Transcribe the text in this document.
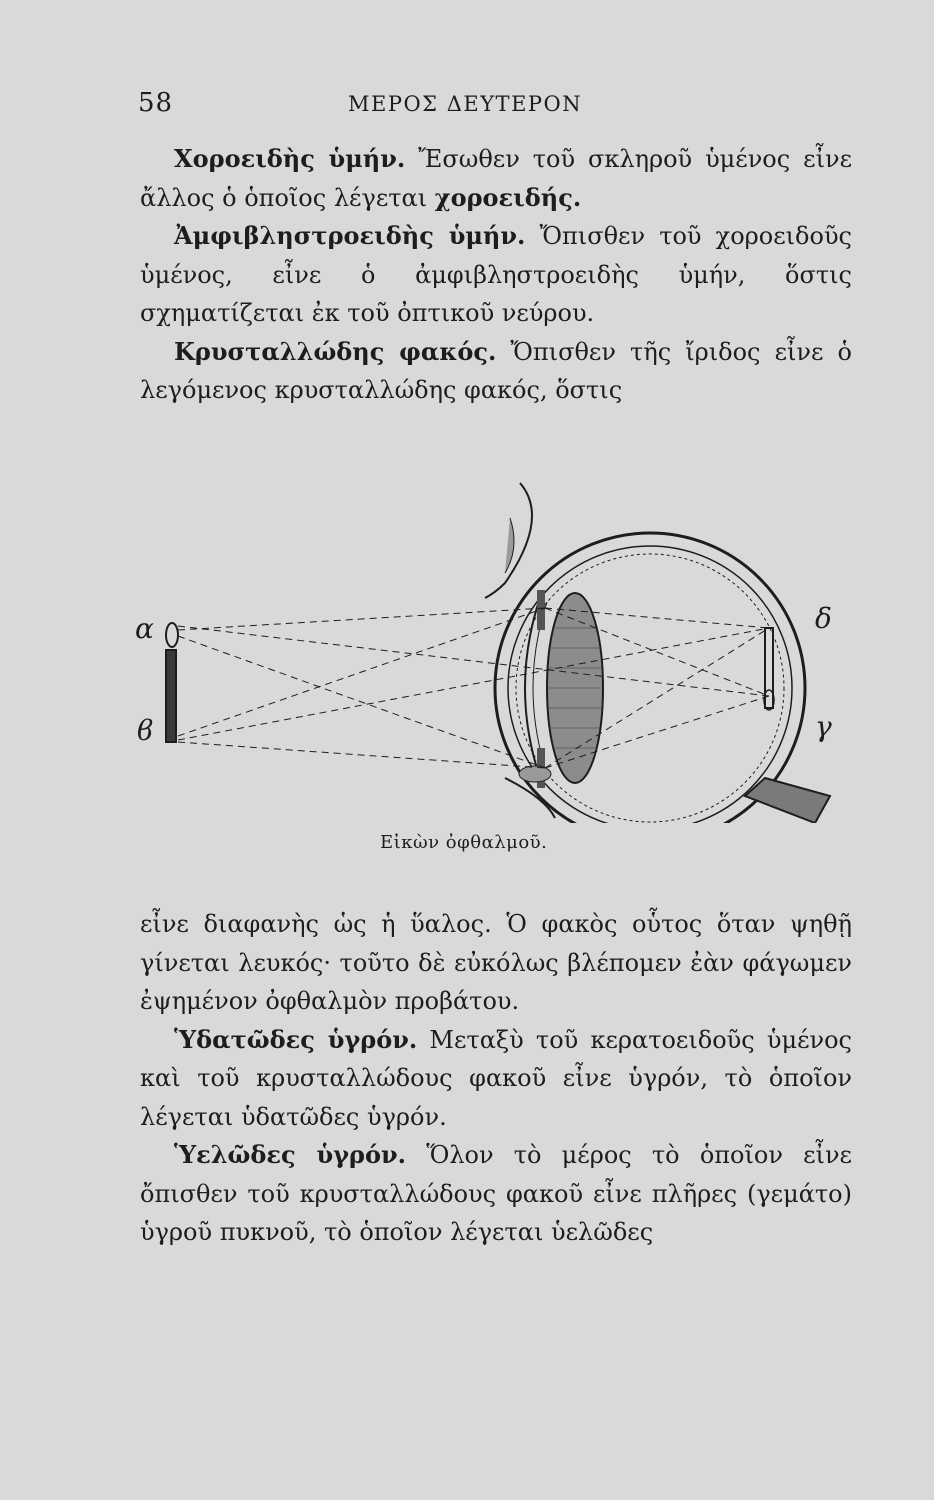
58	ΜΕΡΟΣ ΔΕΥΤΕΡΟΝ

Χοροειδὴς ὑμήν. Ἔσωθεν τοῦ σκληροῦ ὑμένος εἶνε ἄλλος ὁ ὁποῖος λέγεται χοροειδής.

Ἀμφιβληστροειδὴς ὑμήν. Ὄπισθεν τοῦ χοροειδοῦς ὑμένος, εἶνε ὁ ἀμφιβληστροειδὴς ὑμήν, ὅστις σχηματίζεται ἐκ τοῦ ὀπτικοῦ νεύρου.

Κρυσταλλώδης φακός. Ὄπισθεν τῆς ἴριδος εἶνε ὁ λεγόμενος κρυσταλλώδης φακός, ὅστις

α
ϐ
δ
γ
Εἰκὼν ὀφθαλμοῦ.

εἶνε διαφανὴς ὡς ἡ ὕαλος. Ὁ φακὸς οὗτος ὅταν ψηθῇ γίνεται λευκός· τοῦτο δὲ εὐκόλως βλέπομεν ἐὰν φάγωμεν ἐψημένον ὀφθαλμὸν προβάτου.

Ὑδατῶδες ὑγρόν. Μεταξὺ τοῦ κερατοειδοῦς ὑμένος καὶ τοῦ κρυσταλλώδους φακοῦ εἶνε ὑγρόν, τὸ ὁποῖον λέγεται ὑδατῶδες ὑγρόν.

Ὑελῶδες ὑγρόν. Ὅλον τὸ μέρος τὸ ὁποῖον εἶνε ὄπισθεν τοῦ κρυσταλλώδους φακοῦ εἶνε πλῆρες (γεμάτο) ὑγροῦ πυκνοῦ, τὸ ὁποῖον λέγεται ὑελῶδες
